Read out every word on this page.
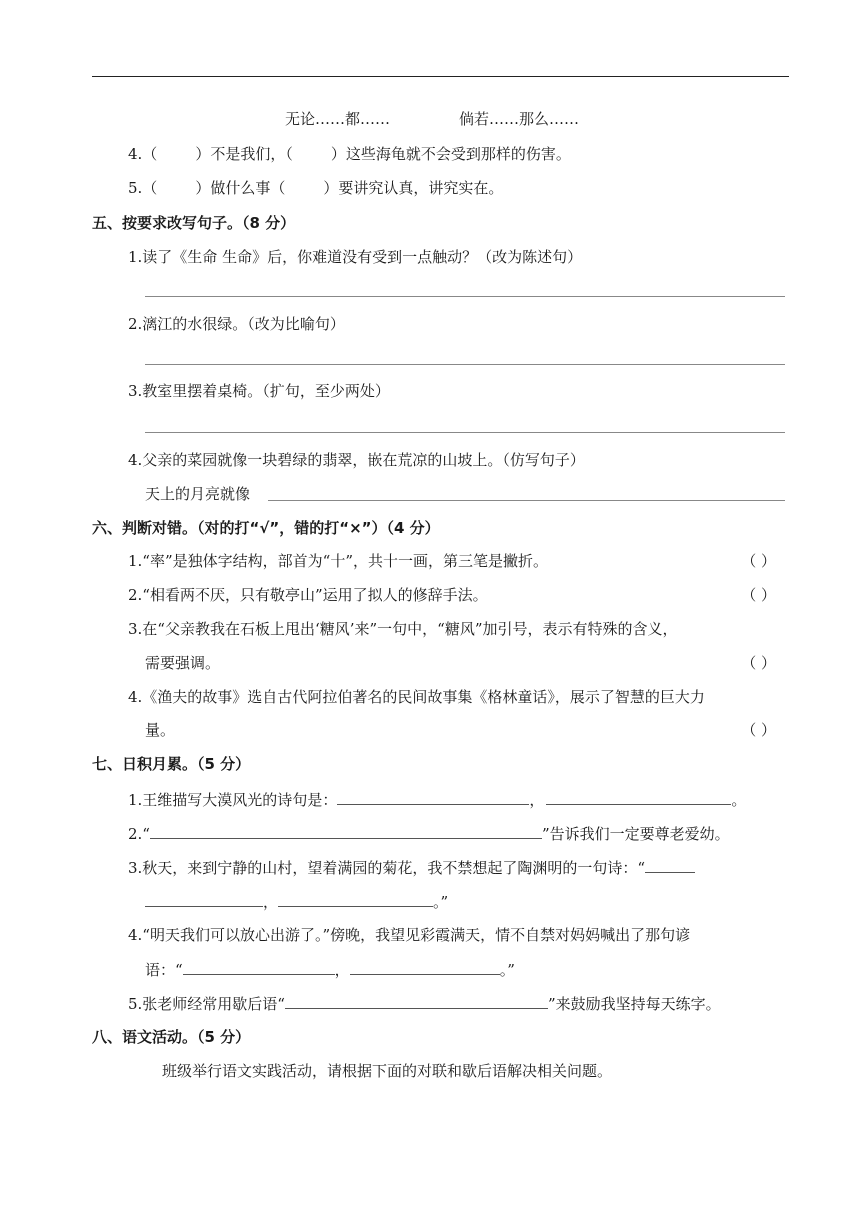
无论……都……	倘若……那么……
4.（	）不是我们，（	）这些海龟就不会受到那样的伤害。
5.（	）做什么事（	）要讲究认真，讲究实在。
五、按要求改写句子。（8 分）
1.读了《生命 生命》后，你难道没有受到一点触动？（改为陈述句）
2.漓江的水很绿。（改为比喻句）
3.教室里摆着桌椅。（扩句，至少两处）
4.父亲的菜园就像一块碧绿的翡翠，嵌在荒凉的山坡上。（仿写句子）
天上的月亮就像
六、判断对错。（对的打“√”，错的打“×”）（4 分）
1.“率”是独体字结构，部首为“十”，共十一画，第三笔是撇折。	（ ）
2.“相看两不厌，只有敬亭山”运用了拟人的修辞手法。	（ ）
3.在“父亲教我在石板上甩出‘糖风’来”一句中，“糖风”加引号，表示有特殊的含义，
需要强调。	（ ）
4.《渔夫的故事》选自古代阿拉伯著名的民间故事集《格林童话》，展示了智慧的巨大力
量。	（ ）
七、日积月累。（5 分）
1.王维描写大漠风光的诗句是：	，	。
2.“	”告诉我们一定要尊老爱幼。
3.秋天，来到宁静的山村，望着满园的菊花，我不禁想起了陶渊明的一句诗：“
，	。”
4.“明天我们可以放心出游了。”傍晚，我望见彩霞满天，情不自禁对妈妈喊出了那句谚
语：“	，	。”
5.张老师经常用歇后语“	”来鼓励我坚持每天练字。
八、语文活动。（5 分）
班级举行语文实践活动，请根据下面的对联和歇后语解决相关问题。
